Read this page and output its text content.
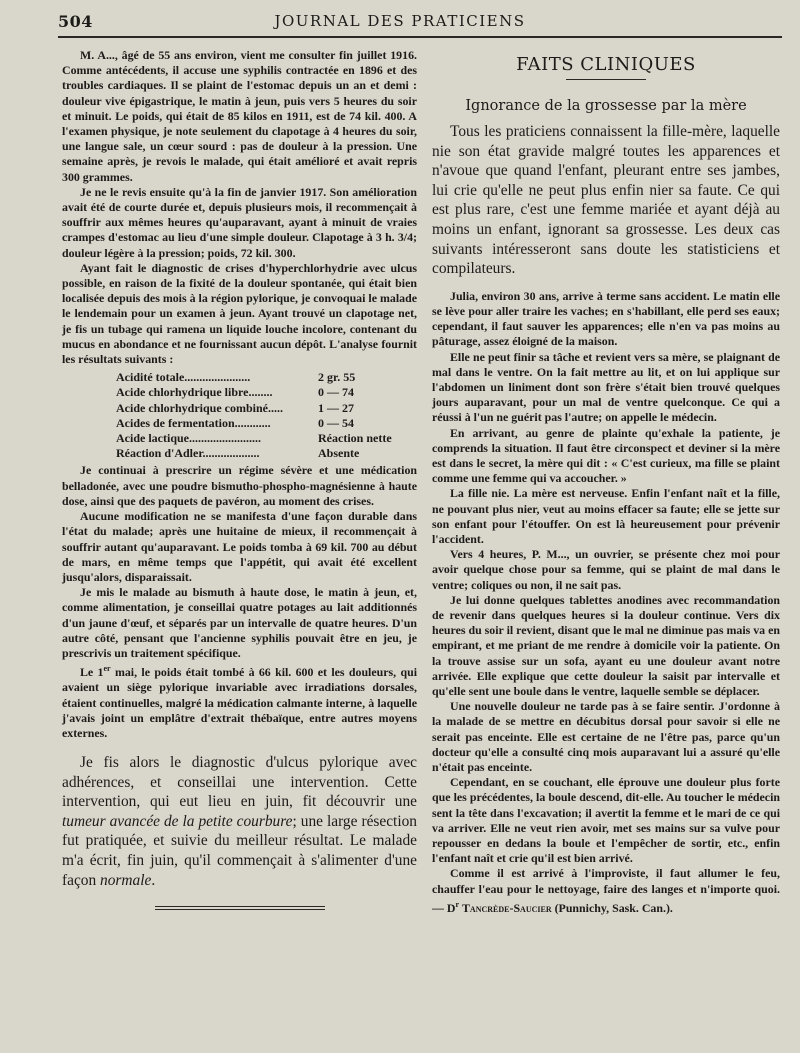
504	JOURNAL DES PRATICIENS

M. A..., âgé de 55 ans environ, vient me consulter fin juillet 1916. Comme antécédents, il accuse une syphilis contractée en 1896 et des troubles cardiaques. Il se plaint de l'estomac depuis un an et demi : douleur vive épigastrique, le matin à jeun, puis vers 5 heures du soir et minuit. Le poids, qui était de 85 kilos en 1911, est de 74 kil. 400. A l'examen physique, je note seulement du clapotage à 4 heures du soir, une langue sale, un cœur sourd : pas de douleur à la pression. Une semaine après, je revois le malade, qui était amélioré et avait repris 300 grammes.

Je ne le revis ensuite qu'à la fin de janvier 1917. Son amélioration avait été de courte durée et, depuis plusieurs mois, il recommençait à souffrir aux mêmes heures qu'auparavant, ayant à minuit de vraies crampes d'estomac au lieu d'une simple douleur. Clapotage à 3 h. 3/4; douleur légère à la pression; poids, 72 kil. 300.

Ayant fait le diagnostic de crises d'hyperchlorhydrie avec ulcus possible, en raison de la fixité de la douleur spontanée, qui était bien localisée depuis des mois à la région pylorique, je convoquai le malade le lendemain pour un examen à jeun. Ayant trouvé un clapotage net, je fis un tubage qui ramena un liquide louche incolore, contenant du mucus en abondance et ne fournissant aucun dépôt. L'analyse fournit les résultats suivants :

Acidité totale......................	2 gr. 55
Acide chlorhydrique libre........	0 — 74
Acide chlorhydrique combiné.....	1 — 27
Acides de fermentation............	0 — 54
Acide lactique........................	Réaction nette
Réaction d'Adler...................	Absente

Je continuai à prescrire un régime sévère et une médication belladonée, avec une poudre bismutho-phospho-magnésienne à haute dose, ainsi que des paquets de pavéron, au moment des crises.

Aucune modification ne se manifesta d'une façon durable dans l'état du malade; après une huitaine de mieux, il recommençait à souffrir autant qu'auparavant. Le poids tomba à 69 kil. 700 au début de mars, en même temps que l'appétit, qui avait été excellent jusqu'alors, disparaissait.

Je mis le malade au bismuth à haute dose, le matin à jeun, et, comme alimentation, je conseillai quatre potages au lait additionnés d'un jaune d'œuf, et séparés par un intervalle de quatre heures. D'un autre côté, pensant que l'ancienne syphilis pouvait être en jeu, je prescrivis un traitement spécifique.

Le 1er mai, le poids était tombé à 66 kil. 600 et les douleurs, qui avaient un siège pylorique invariable avec irradiations dorsales, étaient continuelles, malgré la médication calmante interne, à laquelle j'avais joint un emplâtre d'extrait thébaïque, entre autres moyens externes.

Je fis alors le diagnostic d'ulcus pylorique avec adhérences, et conseillai une intervention. Cette intervention, qui eut lieu en juin, fit découvrir une tumeur avancée de la petite courbure; une large résection fut pratiquée, et suivie du meilleur résultat. Le malade m'a écrit, fin juin, qu'il commençait à s'alimenter d'une façon normale.

FAITS CLINIQUES
Ignorance de la grossesse par la mère

Tous les praticiens connaissent la fille-mère, laquelle nie son état gravide malgré toutes les apparences et n'avoue que quand l'enfant, pleurant entre ses jambes, lui crie qu'elle ne peut plus enfin nier sa faute. Ce qui est plus rare, c'est une femme mariée et ayant déjà au moins un enfant, ignorant sa grossesse. Les deux cas suivants intéresseront sans doute les statisticiens et compilateurs.

Julia, environ 30 ans, arrive à terme sans accident. Le matin elle se lève pour aller traire les vaches; en s'habillant, elle perd ses eaux; cependant, il faut sauver les apparences; elle n'en va pas moins au pâturage, assez éloigné de la maison.

Elle ne peut finir sa tâche et revient vers sa mère, se plaignant de mal dans le ventre. On la fait mettre au lit, et on lui applique sur l'abdomen un liniment dont son frère s'était bien trouvé quelques jours auparavant, pour un mal de ventre quelconque. Ce qui a réussi à l'un ne guérit pas l'autre; on appelle le médecin.

En arrivant, au genre de plainte qu'exhale la patiente, je comprends la situation. Il faut être circonspect et deviner si la mère est dans le secret, la mère qui dit : « C'est curieux, ma fille se plaint comme une femme qui va accoucher. »

La fille nie. La mère est nerveuse. Enfin l'enfant naît et la fille, ne pouvant plus nier, veut au moins effacer sa faute; elle se jette sur son enfant pour l'étouffer. On est là heureusement pour prévenir l'accident.

Vers 4 heures, P. M..., un ouvrier, se présente chez moi pour avoir quelque chose pour sa femme, qui se plaint de mal dans le ventre; coliques ou non, il ne sait pas.

Je lui donne quelques tablettes anodines avec recommandation de revenir dans quelques heures si la douleur continue. Vers dix heures du soir il revient, disant que le mal ne diminue pas mais va en empirant, et me priant de me rendre à domicile voir la patiente. On la trouve assise sur un sofa, ayant eu une douleur avant notre arrivée. Elle explique que cette douleur la saisit par intervalle et qu'elle sent une boule dans le ventre, laquelle semble se déplacer.

Une nouvelle douleur ne tarde pas à se faire sentir. J'ordonne à la malade de se mettre en décubitus dorsal pour savoir si elle ne serait pas enceinte. Elle est certaine de ne l'être pas, parce qu'un docteur qu'elle a consulté cinq mois auparavant lui a assuré qu'elle n'était pas enceinte.

Cependant, en se couchant, elle éprouve une douleur plus forte que les précédentes, la boule descend, dit-elle. Au toucher le médecin sent la tête dans l'excavation; il avertit la femme et le mari de ce qui va arriver. Elle ne veut rien avoir, met ses mains sur sa vulve pour repousser en dedans la boule et l'empêcher de sortir, etc., enfin l'enfant naît et crie qu'il est bien arrivé.

Comme il est arrivé à l'improviste, il faut allumer le feu, chauffer l'eau pour le nettoyage, faire des langes et n'importe quoi. — $D^r$ Tancrède-Saucier (Punnichy, Sask. Can.).
